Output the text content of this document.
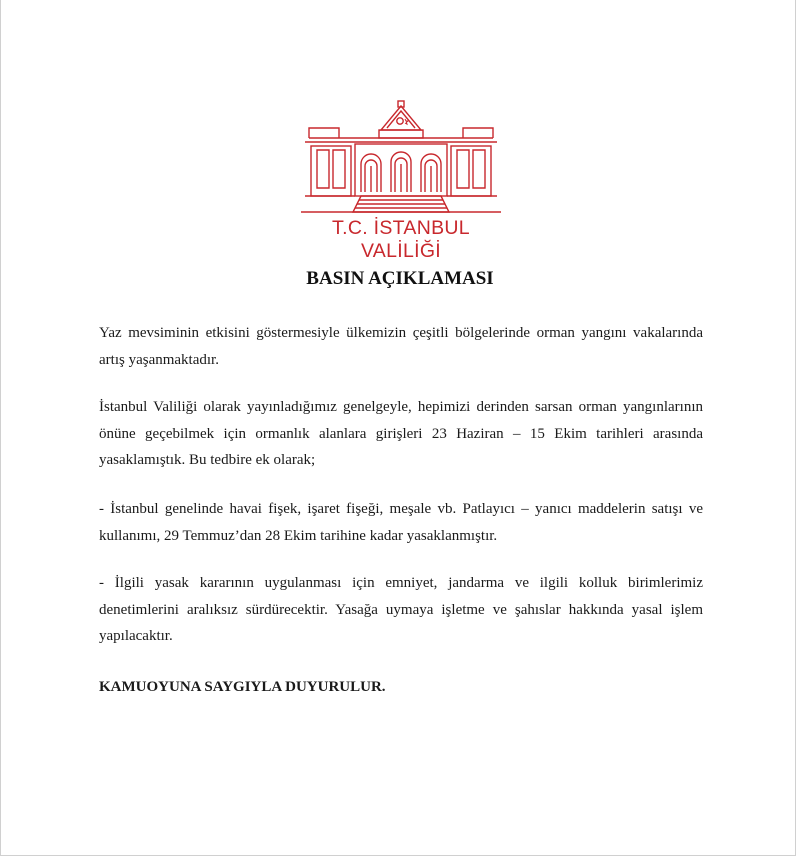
T.C. İSTANBUL VALİLİĞİ
BASIN AÇIKLAMASI

Yaz mevsiminin etkisini göstermesiyle ülkemizin çeşitli bölgelerinde orman yangını vakalarında artış yaşanmaktadır.

İstanbul Valiliği olarak yayınladığımız genelgeyle, hepimizi derinden sarsan orman yangınlarının önüne geçebilmek için ormanlık alanlara girişleri 23 Haziran – 15 Ekim tarihleri arasında yasaklamıştık. Bu tedbire ek olarak;

- İstanbul genelinde havai fişek, işaret fişeği, meşale vb. Patlayıcı – yanıcı maddelerin satışı ve kullanımı, 29 Temmuz’dan 28 Ekim tarihine kadar yasaklanmıştır.

- İlgili yasak kararının uygulanması için emniyet, jandarma ve ilgili kolluk birimlerimiz denetimlerini aralıksız sürdürecektir. Yasağa uymaya işletme ve şahıslar hakkında yasal işlem yapılacaktır.

KAMUOYUNA SAYGIYLA DUYURULUR.
